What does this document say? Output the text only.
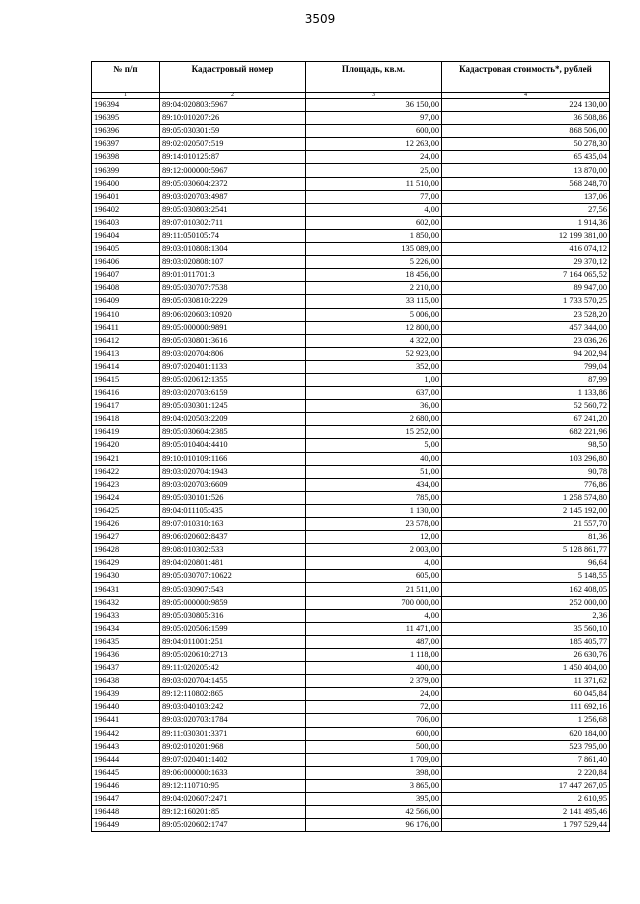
3509
№ п/п	Кадастровый номер	Площадь, кв.м.	Кадастровая стоимость*, рублей
1	2	3	4
196394	89:04:020803:5967	36 150,00	224 130,00
196395	89:10:010207:26	97,00	36 508,86
196396	89:05:030301:59	600,00	868 506,00
196397	89:02:020507:519	12 263,00	50 278,30
196398	89:14:010125:87	24,00	65 435,04
196399	89:12:000000:5967	25,00	13 870,00
196400	89:05:030604:2372	11 510,00	568 248,70
196401	89:03:020703:4987	77,00	137,06
196402	89:05:030803:2541	4,00	27,56
196403	89:07:010302:711	602,00	1 914,36
196404	89:11:050105:74	1 850,00	12 199 381,00
196405	89:03:010808:1304	135 089,00	416 074,12
196406	89:03:020808:107	5 226,00	29 370,12
196407	89:01:011701:3	18 456,00	7 164 065,52
196408	89:05:030707:7538	2 210,00	89 947,00
196409	89:05:030810:2229	33 115,00	1 733 570,25
196410	89:06:020603:10920	5 006,00	23 528,20
196411	89:05:000000:9891	12 800,00	457 344,00
196412	89:05:030801:3616	4 322,00	23 036,26
196413	89:03:020704:806	52 923,00	94 202,94
196414	89:07:020401:1133	352,00	799,04
196415	89:05:020612:1355	1,00	87,99
196416	89:03:020703:6159	637,00	1 133,86
196417	89:05:030301:1245	36,00	52 560,72
196418	89:04:020503:2209	2 680,00	67 241,20
196419	89:05:030604:2385	15 252,00	682 221,96
196420	89:05:010404:4410	5,00	98,50
196421	89:10:010109:1166	40,00	103 296,80
196422	89:03:020704:1943	51,00	90,78
196423	89:03:020703:6609	434,00	776,86
196424	89:05:030101:526	785,00	1 258 574,80
196425	89:04:011105:435	1 130,00	2 145 192,00
196426	89:07:010310:163	23 578,00	21 557,70
196427	89:06:020602:8437	12,00	81,36
196428	89:08:010302:533	2 003,00	5 128 861,77
196429	89:04:020801:481	4,00	96,64
196430	89:05:030707:10622	605,00	5 148,55
196431	89:05:030907:543	21 511,00	162 408,05
196432	89:05:000000:9859	700 000,00	252 000,00
196433	89:05:030805:316	4,00	2,36
196434	89:05:020506:1599	11 471,00	35 560,10
196435	89:04:011001:251	487,00	185 405,77
196436	89:05:020610:2713	1 118,00	26 630,76
196437	89:11:020205:42	400,00	1 450 404,00
196438	89:03:020704:1455	2 379,00	11 371,62
196439	89:12:110802:865	24,00	60 045,84
196440	89:03:040103:242	72,00	111 692,16
196441	89:03:020703:1784	706,00	1 256,68
196442	89:11:030301:3371	600,00	620 184,00
196443	89:02:010201:968	500,00	523 795,00
196444	89:07:020401:1402	1 709,00	7 861,40
196445	89:06:000000:1633	398,00	2 220,84
196446	89:12:110710:95	3 865,00	17 447 267,05
196447	89:04:020607:2471	395,00	2 610,95
196448	89:12:160201:85	42 566,00	2 141 495,46
196449	89:05:020602:1747	96 176,00	1 797 529,44
